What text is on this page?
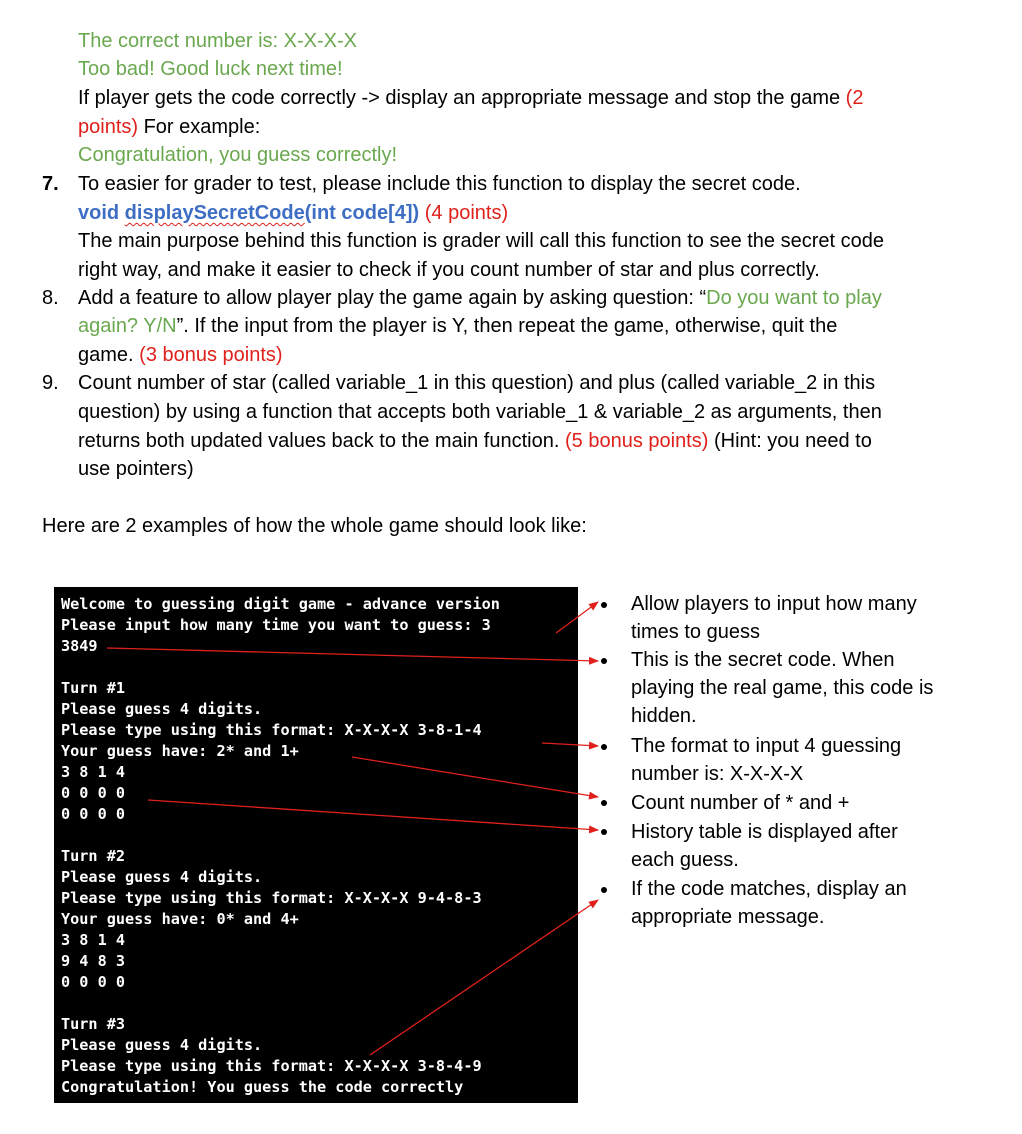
The correct number is: X-X-X-X
Too bad! Good luck next time!
If player gets the code correctly -> display an appropriate message and stop the game (2
points) For example:
Congratulation, you guess correctly!
7. To easier for grader to test, please include this function to display the secret code.
void displaySecretCode(int code[4]) (4 points)
The main purpose behind this function is grader will call this function to see the secret code
right way, and make it easier to check if you count number of star and plus correctly.
8. Add a feature to allow player play the game again by asking question: “Do you want to play
again? Y/N”. If the input from the player is Y, then repeat the game, otherwise, quit the
game. (3 bonus points)
9. Count number of star (called variable_1 in this question) and plus (called variable_2 in this
question) by using a function that accepts both variable_1 & variable_2 as arguments, then
returns both updated values back to the main function. (5 bonus points) (Hint: you need to
use pointers)
Here are 2 examples of how the whole game should look like:
Welcome to guessing digit game - advance version
Please input how many time you want to guess: 3
3849
Turn #1
Please guess 4 digits.
Please type using this format: X-X-X-X 3-8-1-4
Your guess have: 2* and 1+
3 8 1 4
0 0 0 0
0 0 0 0
Turn #2
Please guess 4 digits.
Please type using this format: X-X-X-X 9-4-8-3
Your guess have: 0* and 4+
3 8 1 4
9 4 8 3
0 0 0 0
Turn #3
Please guess 4 digits.
Please type using this format: X-X-X-X 3-8-4-9
Congratulation! You guess the code correctly
Allow players to input how many
times to guess
This is the secret code. When
playing the real game, this code is
hidden.
The format to input 4 guessing
number is: X-X-X-X
Count number of * and +
History table is displayed after
each guess.
If the code matches, display an
appropriate message.
